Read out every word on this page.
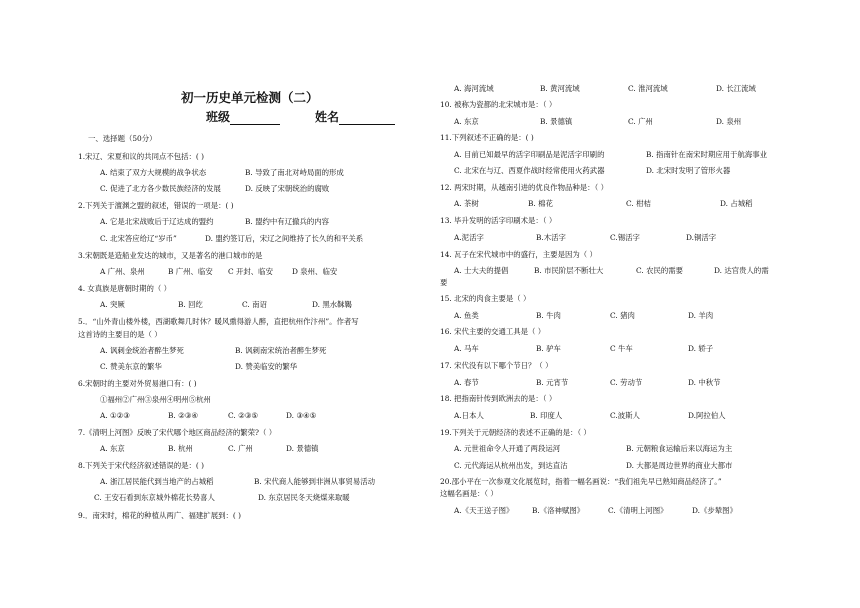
初一历史单元检测（二）
班级	姓名
一、选择题（50分）
1.宋辽、宋夏和议的共同点不包括：( )
A. 结束了双方大规模的战争状态	B. 导致了南北对峙局面的形成
C. 促进了北方各少数民族经济的发展	D. 反映了宋朝统治的腐败
2.下列关于澶渊之盟的叙述，错误的一项是：( )
A. 它是北宋战败后于辽达成的盟约	B. 盟约中有辽撤兵的内容
C. 北宋答应给辽“岁币”	D. 盟约签订后，宋辽之间维持了长久的和平关系
3.宋朝既是造船业发达的城市，又是著名的港口城市的是
A 广州、泉州	B 广州、临安 C 开封、临安	D 泉州、临安
4. 女真族是唐朝时期的（ ）
A. 突厥	B. 回纥	C. 南诏	D. 黑水靺鞨
5.．“山外青山楼外楼，西湖歌舞几时休？暖风熏得游人醉，直把杭州作汴州”。作者写
这首诗的主要目的是（ ）
A. 讽刺金统治者醉生梦死	B. 讽刺南宋统治者醉生梦死
C. 赞美东京的繁华	D. 赞美临安的繁华
6.宋朝时的主要对外贸易港口有：( )
①福州②广州③泉州④明州⑤杭州
A. ①②③	B. ②③④	C. ②③⑤	D. ③④⑤
7.《清明上河图》反映了宋代哪个地区商品经济的繁荣?（ ）
A. 东京	B. 杭州	C. 广州	D. 景德镇
8.下列关于宋代经济叙述错误的是：( )
A. 浙江居民能代到当地产的占城稻	B. 宋代商人能够到非洲从事贸易活动
C. 王安石看到东京城外棉花长势喜人	D. 东京居民冬天烧煤来取暖
9.．南宋时，棉花的种植从两广、福建扩展到：( )
A. 海河流域	B. 黄河流域	C. 淮河流域	D. 长江流域
10. 被称为瓷都的北宋城市是：（ ）
A. 东京	B. 景德镇	C. 广州	D. 泉州
11.下列叙述不正确的是：( )
A. 目前已知最早的活字印刷品是泥活字印刷的	B. 指南针在南宋时期应用于航海事业
C. 北宋在与辽、西夏作战时经常使用火药武器	D. 北宋时发明了管形火器
12. 两宋时期，从越南引进的优良作物品种是：（ ）
A. 茶树	B. 棉花	C. 柑桔	D. 占城稻
13. 毕升发明的活字印刷术是：（ ）
A.泥活字	B.木活字	C.锡活字	D.铜活字
14. 瓦子在宋代城市中的盛行，主要是因为（ ）
A. 士大夫的提倡	B. 市民阶层不断壮大	C. 农民的需要	D. 达官贵人的需
要
15. 北宋的肉食主要是（ ）
A. 鱼类	B. 牛肉	C. 猪肉	D. 羊肉
16. 宋代主要的交通工具是（ ）
A. 马车	B. 驴车	C 牛车	D. 轿子
17. 宋代没有以下哪个节日？（ ）
A. 春节	B. 元宵节	C. 劳动节	D. 中秋节
18. 把指南针传到欧洲去的是：（ ）
A.日本人	B. 印度人	C.波斯人	D.阿拉伯人
19.下列关于元朝经济的表述不正确的是：（ ）
A. 元世祖命令人开通了两段运河	B. 元朝粮食运输后来以海运为主
C. 元代海运从杭州出发，到达直沽	D. 大都是周边世界的商业大都市
20.邵小平在一次参观文化展览时，指着一幅名画说：“我们祖先早已熟知商品经济了。”
这幅名画是：（ ）
A.《天王送子图》	B.《洛神赋图》	C.《清明上河图》	D.《步辇图》
